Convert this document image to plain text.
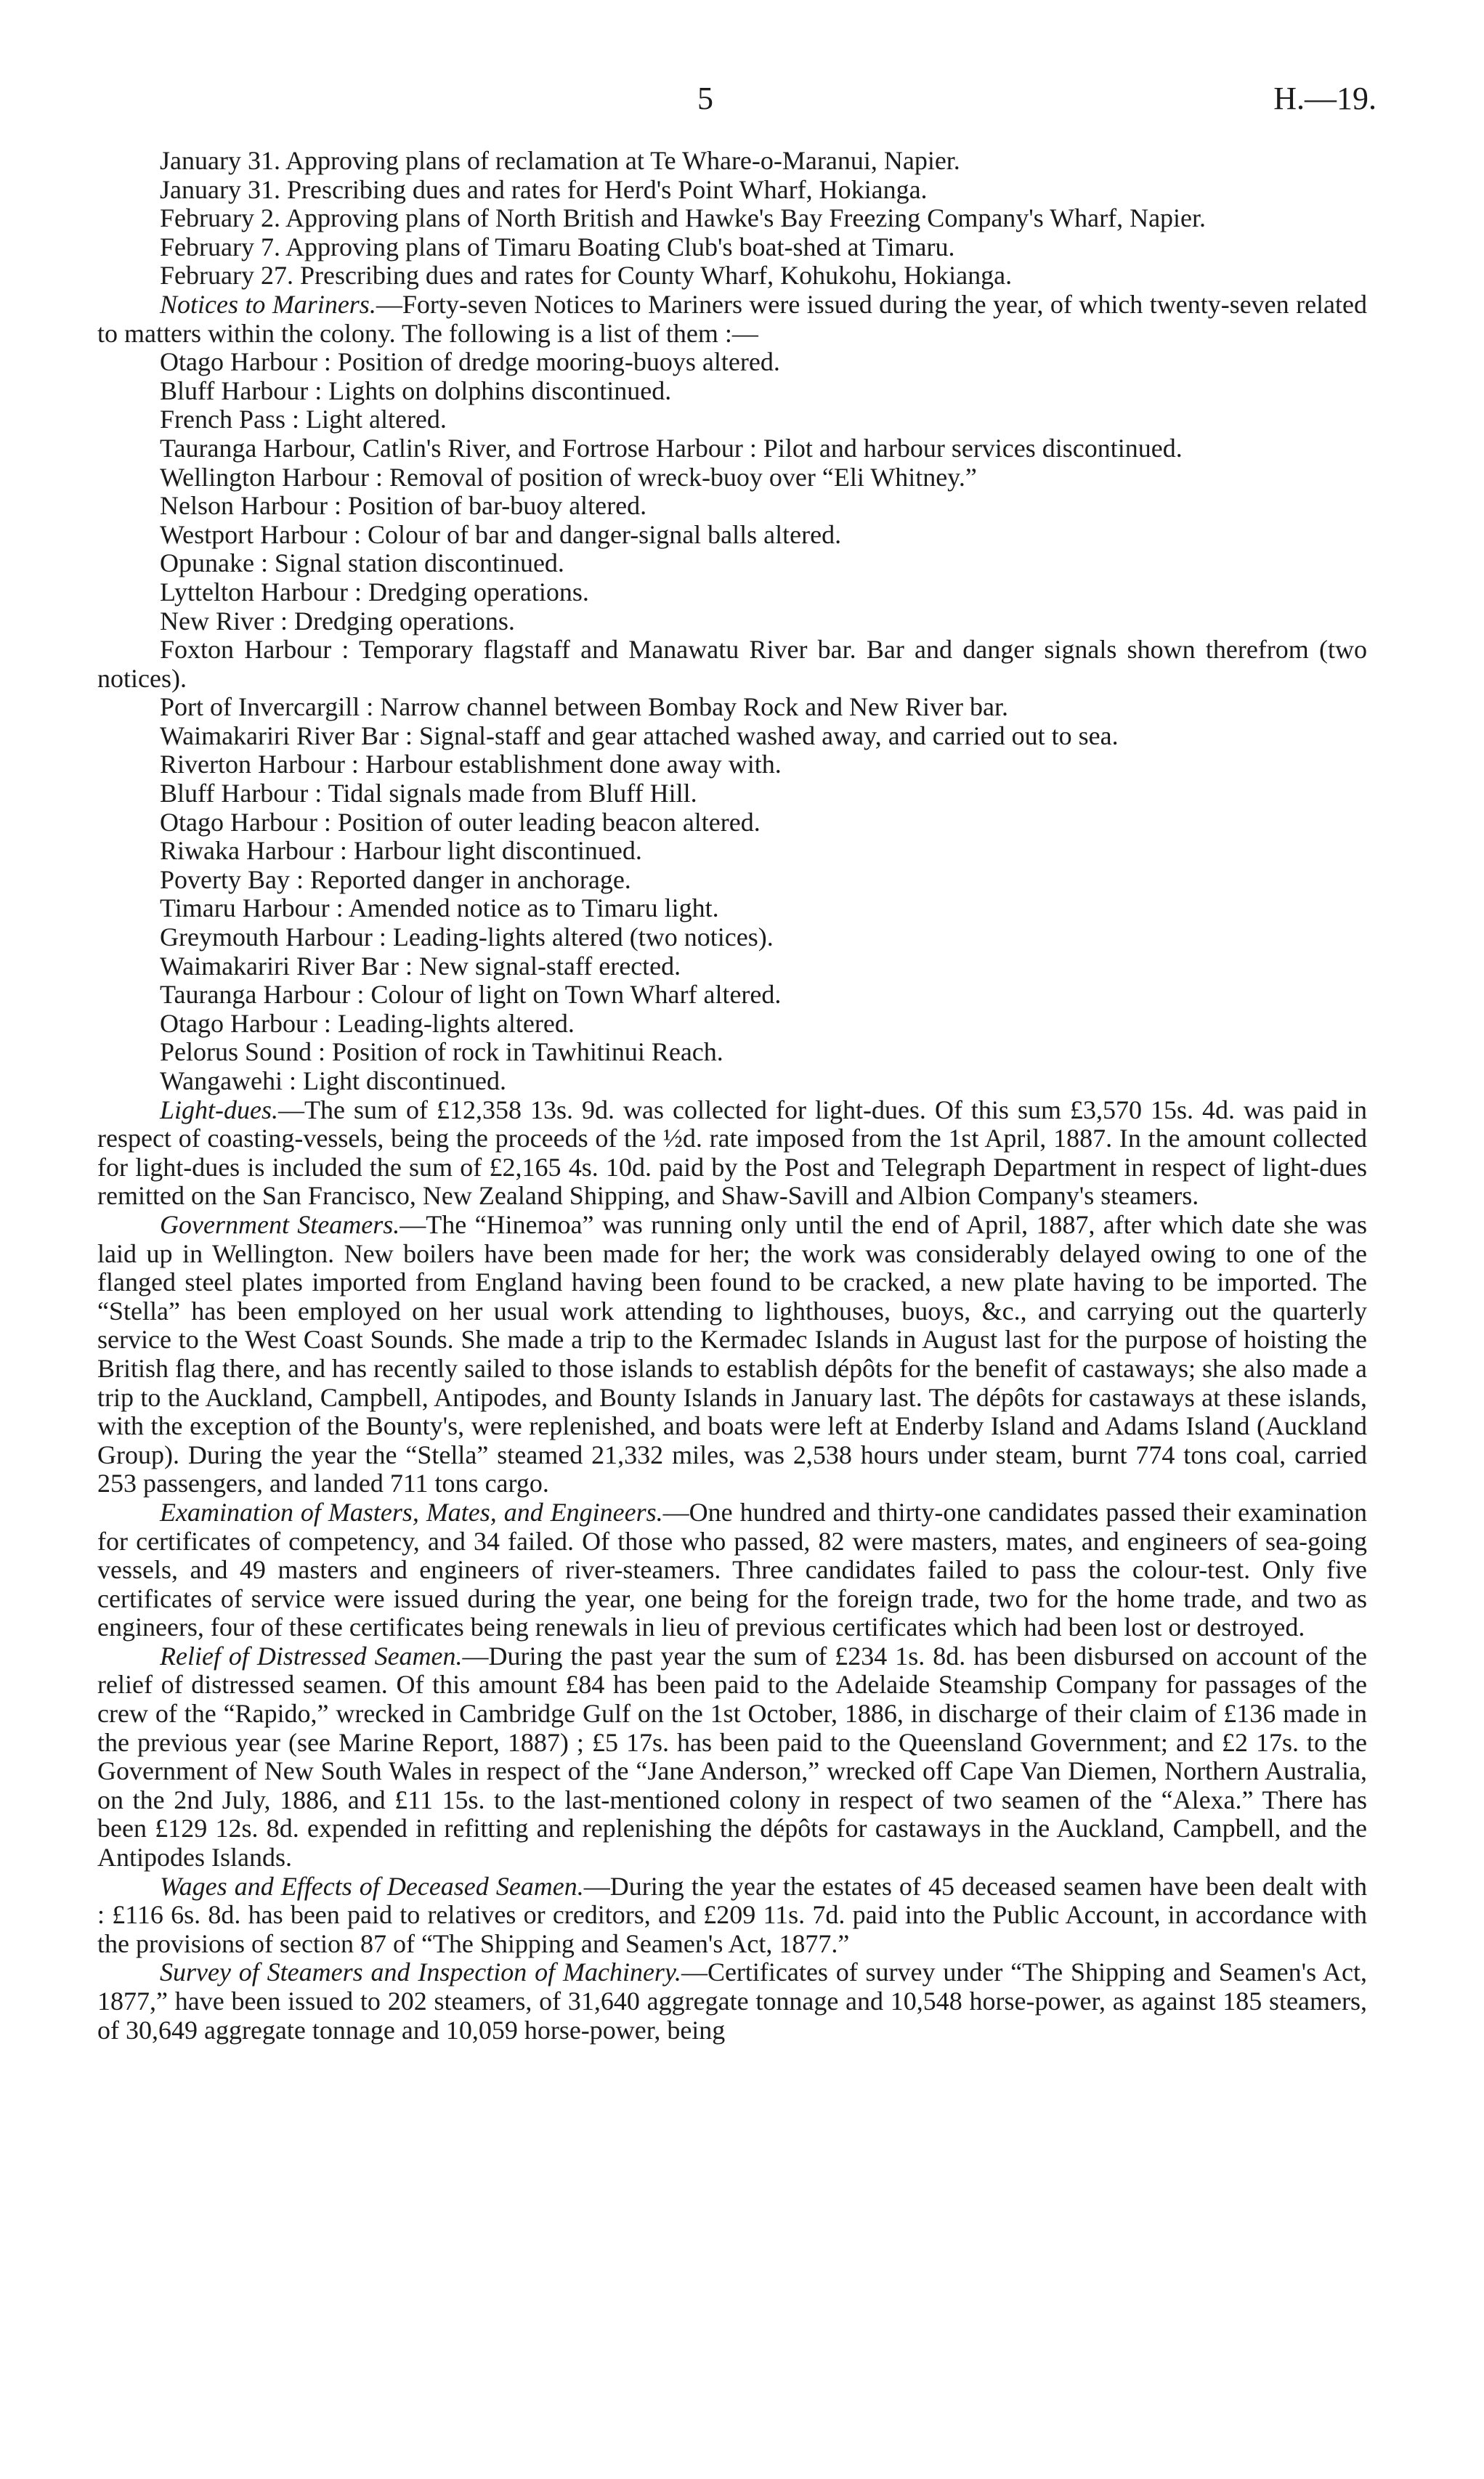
5	H.—19.

January 31. Approving plans of reclamation at Te Whare-o-Maranui, Napier.

January 31. Prescribing dues and rates for Herd's Point Wharf, Hokianga.

February 2. Approving plans of North British and Hawke's Bay Freezing Company's Wharf, Napier.

February 7. Approving plans of Timaru Boating Club's boat-shed at Timaru.

February 27. Prescribing dues and rates for County Wharf, Kohukohu, Hokianga.

Notices to Mariners.—Forty-seven Notices to Mariners were issued during the year, of which twenty-seven related to matters within the colony. The following is a list of them :—

Otago Harbour : Position of dredge mooring-buoys altered.

Bluff Harbour : Lights on dolphins discontinued.

French Pass : Light altered.

Tauranga Harbour, Catlin's River, and Fortrose Harbour : Pilot and harbour services discontinued.

Wellington Harbour : Removal of position of wreck-buoy over “Eli Whitney.”

Nelson Harbour : Position of bar-buoy altered.

Westport Harbour : Colour of bar and danger-signal balls altered.

Opunake : Signal station discontinued.

Lyttelton Harbour : Dredging operations.

New River : Dredging operations.

Foxton Harbour : Temporary flagstaff and Manawatu River bar. Bar and danger signals shown therefrom (two notices).

Port of Invercargill : Narrow channel between Bombay Rock and New River bar.

Waimakariri River Bar : Signal-staff and gear attached washed away, and carried out to sea.

Riverton Harbour : Harbour establishment done away with.

Bluff Harbour : Tidal signals made from Bluff Hill.

Otago Harbour : Position of outer leading beacon altered.

Riwaka Harbour : Harbour light discontinued.

Poverty Bay : Reported danger in anchorage.

Timaru Harbour : Amended notice as to Timaru light.

Greymouth Harbour : Leading-lights altered (two notices).

Waimakariri River Bar : New signal-staff erected.

Tauranga Harbour : Colour of light on Town Wharf altered.

Otago Harbour : Leading-lights altered.

Pelorus Sound : Position of rock in Tawhitinui Reach.

Wangawehi : Light discontinued.

Light-dues.—The sum of £12,358 13s. 9d. was collected for light-dues. Of this sum £3,570 15s. 4d. was paid in respect of coasting-vessels, being the proceeds of the ½d. rate imposed from the 1st April, 1887. In the amount collected for light-dues is included the sum of £2,165 4s. 10d. paid by the Post and Telegraph Department in respect of light-dues remitted on the San Francisco, New Zealand Shipping, and Shaw-Savill and Albion Company's steamers.

Government Steamers.—The “Hinemoa” was running only until the end of April, 1887, after which date she was laid up in Wellington. New boilers have been made for her; the work was considerably delayed owing to one of the flanged steel plates imported from England having been found to be cracked, a new plate having to be imported. The “Stella” has been employed on her usual work attending to lighthouses, buoys, &c., and carrying out the quarterly service to the West Coast Sounds. She made a trip to the Kermadec Islands in August last for the purpose of hoisting the British flag there, and has recently sailed to those islands to establish dépôts for the benefit of castaways; she also made a trip to the Auckland, Campbell, Antipodes, and Bounty Islands in January last. The dépôts for castaways at these islands, with the exception of the Bounty's, were replenished, and boats were left at Enderby Island and Adams Island (Auckland Group). During the year the “Stella” steamed 21,332 miles, was 2,538 hours under steam, burnt 774 tons coal, carried 253 passengers, and landed 711 tons cargo.

Examination of Masters, Mates, and Engineers.—One hundred and thirty-one candidates passed their examination for certificates of competency, and 34 failed. Of those who passed, 82 were masters, mates, and engineers of sea-going vessels, and 49 masters and engineers of river-steamers. Three candidates failed to pass the colour-test. Only five certificates of service were issued during the year, one being for the foreign trade, two for the home trade, and two as engineers, four of these certificates being renewals in lieu of previous certificates which had been lost or destroyed.

Relief of Distressed Seamen.—During the past year the sum of £234 1s. 8d. has been disbursed on account of the relief of distressed seamen. Of this amount £84 has been paid to the Adelaide Steamship Company for passages of the crew of the “Rapido,” wrecked in Cambridge Gulf on the 1st October, 1886, in discharge of their claim of £136 made in the previous year (see Marine Report, 1887) ; £5 17s. has been paid to the Queensland Government; and £2 17s. to the Government of New South Wales in respect of the “Jane Anderson,” wrecked off Cape Van Diemen, Northern Australia, on the 2nd July, 1886, and £11 15s. to the last-mentioned colony in respect of two seamen of the “Alexa.” There has been £129 12s. 8d. expended in refitting and replenishing the dépôts for castaways in the Auckland, Campbell, and the Antipodes Islands.

Wages and Effects of Deceased Seamen.—During the year the estates of 45 deceased seamen have been dealt with : £116 6s. 8d. has been paid to relatives or creditors, and £209 11s. 7d. paid into the Public Account, in accordance with the provisions of section 87 of “The Shipping and Seamen's Act, 1877.”

Survey of Steamers and Inspection of Machinery.—Certificates of survey under “The Shipping and Seamen's Act, 1877,” have been issued to 202 steamers, of 31,640 aggregate tonnage and 10,548 horse-power, as against 185 steamers, of 30,649 aggregate tonnage and 10,059 horse-power, being
